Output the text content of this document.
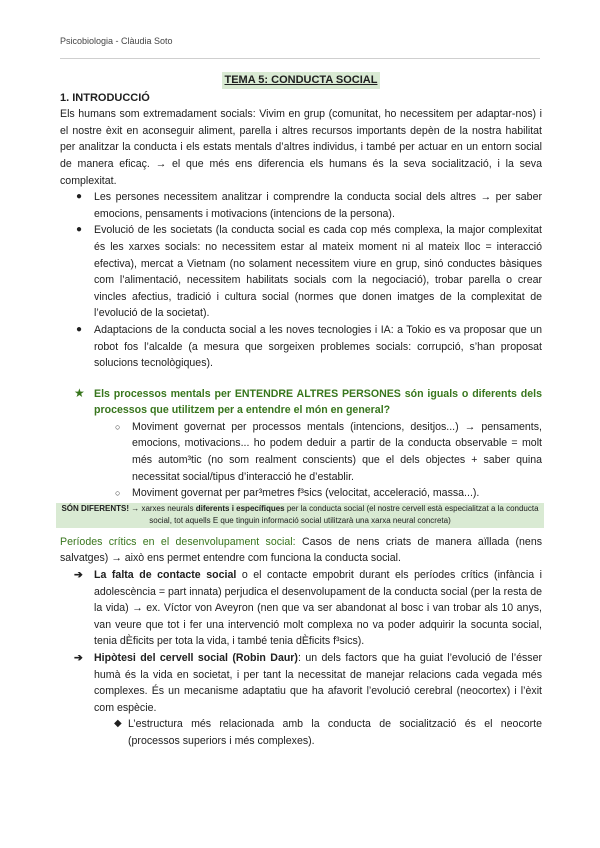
Psicobiologia - Clàudia Soto
TEMA 5: CONDUCTA SOCIAL
1. INTRODUCCIÓ

Els humans som extremadament socials: Vivim en grup (comunitat, ho necessitem per adaptar-nos) i el nostre èxit en aconseguir aliment, parella i altres recursos importants depèn de la nostra habilitat per analitzar la conducta i els estats mentals d’altres individus, i també per actuar en un entorn social de manera eficaç. → el que més ens diferencia els humans és la seva socialització, i la seva complexitat.

● Les persones necessitem analitzar i comprendre la conducta social dels altres → per saber emocions, pensaments i motivacions (intencions de la persona).
● Evolució de les societats (la conducta social es cada cop més complexa, la major complexitat és les xarxes socials: no necessitem estar al mateix moment ni al mateix lloc = interacció efectiva), mercat a Vietnam (no solament necessitem viure en grup, sinó conductes bàsiques com l’alimentació, necessitem habilitats socials com la negociació), trobar parella o crear vincles afectius, tradició i cultura social (normes que donen imatges de la complexitat de l’evolució de la societat).
● Adaptacions de la conducta social a les noves tecnologies i IA: a Tokio es va proposar que un robot fos l’alcalde (a mesura que sorgeixen problemes socials: corrupció, s’han proposat solucions tecnològiques).
★ Els processos mentals per ENTENDRE ALTRES PERSONES són iguals o diferents dels processos que utilitzem per a entendre el món en general?
○ Moviment governat per processos mentals (intencions, desitjos...) → pensaments, emocions, motivacions... ho podem deduir a partir de la conducta observable = molt més autom³tic (no som realment conscients) que el dels objectes + saber quina necessitat social/tipus d’interacció he d’establir.
○ Moviment governat per par³metres f³sics (velocitat, acceleració, massa...).
SÓN DIFERENTS! → xarxes neurals diferents i específiques per la conducta social (el nostre cervell està especialitzat a la conducta social, tot aquells E que tinguin informació social utilitzarà una xarxa neural concreta)

Períodes crítics en el desenvolupament social: Casos de nens criats de manera aïllada (nens salvatges) → això ens permet entendre com funciona la conducta social.

➔ La falta de contacte social o el contacte empobrit durant els períodes crítics (infància i adolescència = part innata) perjudica el desenvolupament de la conducta social (per la resta de la vida) → ex. Víctor von Aveyron (nen que va ser abandonat al bosc i van trobar als 10 anys, van veure que tot i fer una intervenció molt complexa no va poder adquirir la socunta social, tenia dÈficits per tota la vida, i també tenia dÈficits f³sics).
➔ Hipòtesi del cervell social (Robin Daur): un dels factors que ha guiat l’evolució de l’ésser humà és la vida en societat, i per tant la necessitat de manejar relacions cada vegada més complexes. És un mecanisme adaptatiu que ha afavorit l’evolució cerebral (neocortex) i l’èxit com espècie.
◆ L’estructura més relacionada amb la conducta de socialització és el neocorte (processos superiors i més complexes).
